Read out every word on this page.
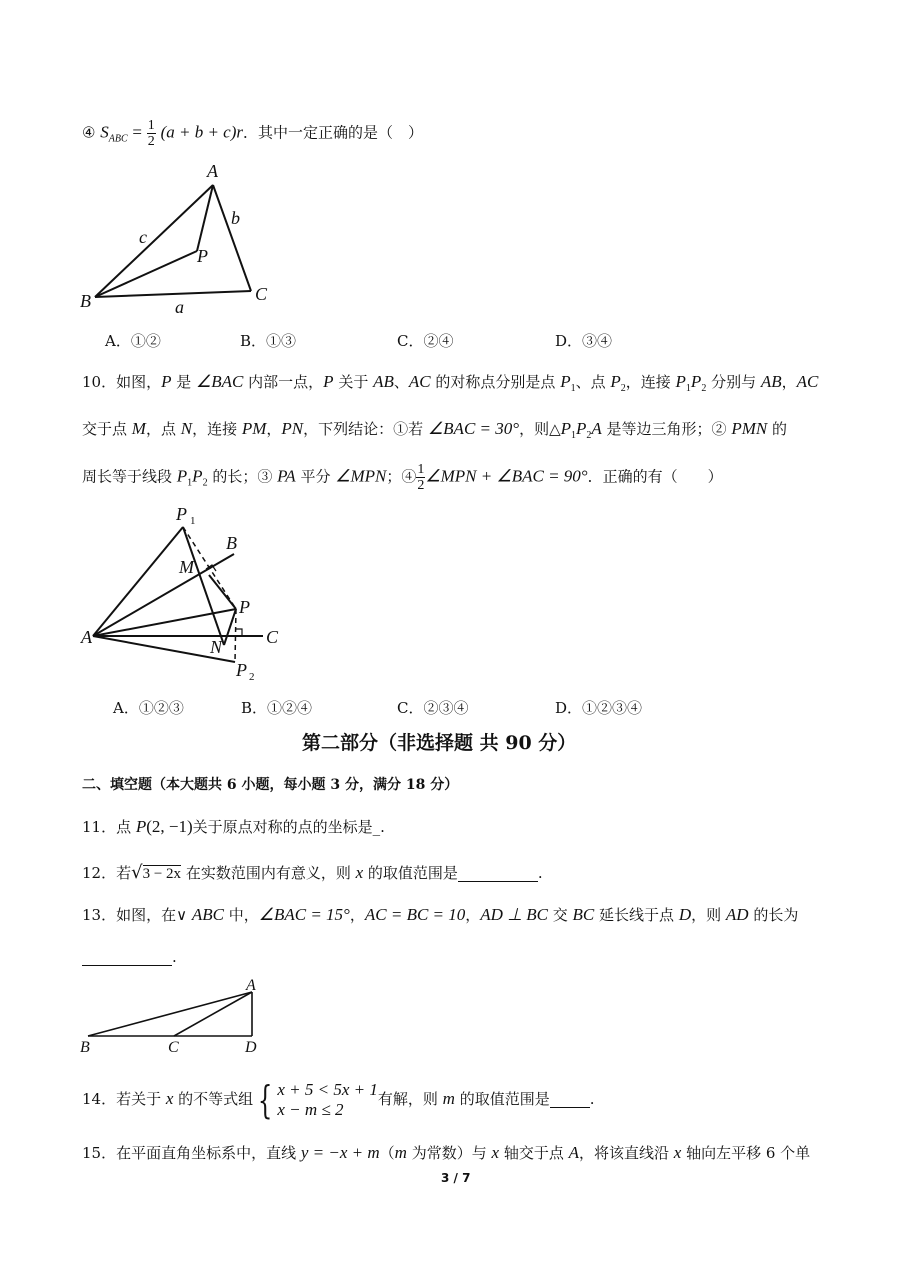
④ $S_{ABC} = \frac{1}{2} (a + b + c)r$．其中一定正确的是（　）
A
b
c
P
B	C
a
A．①②	B．①③	C．②④	D．③④
10．如图，P 是 ∠BAC 内部一点，P 关于 AB、AC 的对称点分别是点 $P_1$、点 $P_2$，连接 $P_1P_2$ 分别与 AB，AC
交于点 M，点 N，连接 PM，PN，下列结论：①若 ∠BAC = 30°，则$\triangle P_1P_2A$ 是等边三角形；② PMN 的
周长等于线段 $P_1P_2$ 的长；③ PA 平分 ∠MPN；④ $\frac{1}{2}$ ∠MPN + ∠BAC = 90°．正确的有（　　）
P 1
B
M
P
A	C
N
P 2
A．①②③	B．①②④	C．②③④	D．①②③④
第二部分（非选择题 共 90 分）
二、填空题（本大题共 6 小题，每小题 3 分，满分 18 分）
11．点 P(2, −1)关于原点对称的点的坐标是_.
12．若√3 − 2x 在实数范围内有意义，则 x 的取值范围是	.
13．如图，在∨ ABC 中，∠BAC = 15°，AC = BC = 10，AD ⊥ BC 交 BC 延长线于点 D，则 AD 的长为
.
A
B	C	D
14．若关于 x 的不等式组 { x + 5 < 5x + 1
x − m ≤ 2
有解，则 m 的取值范围是	.
15．在平面直角坐标系中，直线 y = −x + m（m 为常数）与 x 轴交于点 A，将该直线沿 x 轴向左平移 6 个单
3 / 7
